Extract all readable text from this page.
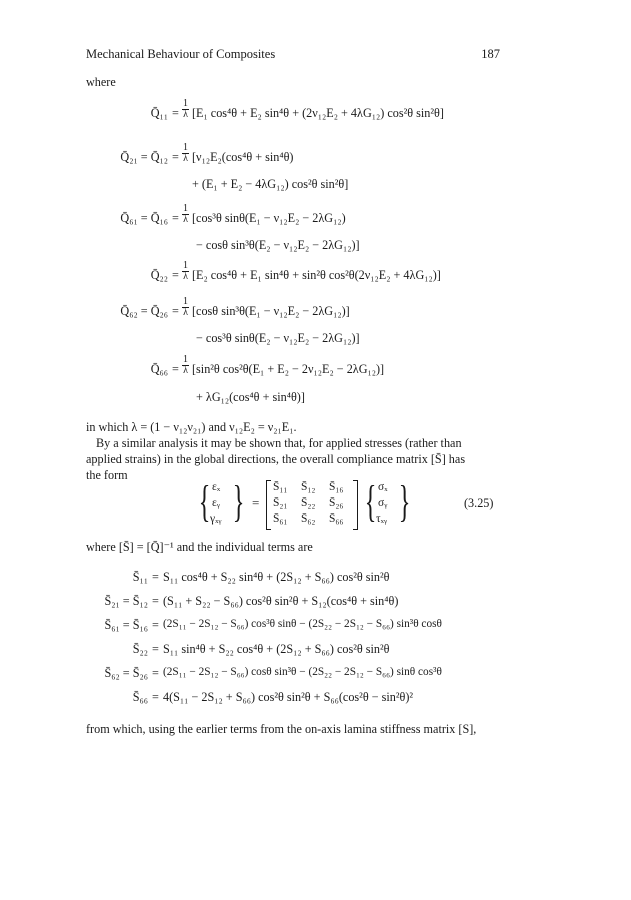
Mechanical Behaviour of Composites	187
where
Q̄₁₁ = $\frac{1}{\lambda} [E_1$ cos⁴θ + E₂ sin⁴θ + (2ν₁₂E₂ + 4λG₁₂) cos²θ sin²θ]
Q̄₂₁ = Q̄₁₂ = $\frac{1}{\lambda} [\nu_{12}E_2(\cos^4\theta + \sin^4\theta)$
+ (E₁ + E₂ − 4λG₁₂) cos²θ sin²θ]
Q̄₆₁ = Q̄₁₆ = $\frac{1}{\lambda} [\cos^3\theta$ sinθ(E₁ − ν₁₂E₂ − 2λG₁₂)
− cosθ sin³θ(E₂ − ν₁₂E₂ − 2λG₁₂)]
Q̄₂₂ = $\frac{1}{\lambda} [E_2$ cos⁴θ + E₁ sin⁴θ + sin²θ cos²θ(2ν₁₂E₂ + 4λG₁₂)]
Q̄₆₂ = Q̄₂₆ = $\frac{1}{\lambda} [\cos\theta$ sin³θ(E₁ − ν₁₂E₂ − 2λG₁₂)]
− cos³θ sinθ(E₂ − ν₁₂E₂ − 2λG₁₂)]
Q̄₆₆ = $\frac{1}{\lambda} [\sin^2\theta$ cos²θ(E₁ + E₂ − 2ν₁₂E₂ − 2λG₁₂)]
+ λG₁₂(cos⁴θ + sin⁴θ)]
in which λ = (1 − ν₁₂ν₂₁) and ν₁₂E₂ = ν₂₁E₁.
By a similar analysis it may be shown that, for applied stresses (rather than
applied strains) in the global directions, the overall compliance matrix [S̄] has
the form
{ εₓ
εᵧ
γₓᵧ } =
S̄₁₁ S̄₁₂ S̄₁₆
S̄₂₁ S̄₂₂ S̄₂₆
S̄₆₁ S̄₆₂ S̄₆₆ { σₓ
σᵧ
τₓᵧ }	(3.25)
where [S̄] = [Q̄]⁻¹ and the individual terms are
S̄₁₁ = S₁₁ cos⁴θ + S₂₂ sin⁴θ + (2S₁₂ + S₆₆) cos²θ sin²θ
S̄₂₁ = S̄₁₂ = (S₁₁ + S₂₂ − S₆₆) cos²θ sin²θ + S₁₂(cos⁴θ + sin⁴θ)
S̄₆₁ = S̄₁₆ = (2S₁₁ − 2S₁₂ − S₆₆) cos³θ sinθ − (2S₂₂ − 2S₁₂ − S₆₆) sin³θ cosθ
S̄₂₂ = S₁₁ sin⁴θ + S₂₂ cos⁴θ + (2S₁₂ + S₆₆) cos²θ sin²θ
S̄₆₂ = S̄₂₆ = (2S₁₁ − 2S₁₂ − S₆₆) cosθ sin³θ − (2S₂₂ − 2S₁₂ − S₆₆) sinθ cos³θ
S̄₆₆ = 4(S₁₁ − 2S₁₂ + S₆₆) cos²θ sin²θ + S₆₆(cos²θ − sin²θ)²
from which, using the earlier terms from the on-axis lamina stiffness matrix [S],
